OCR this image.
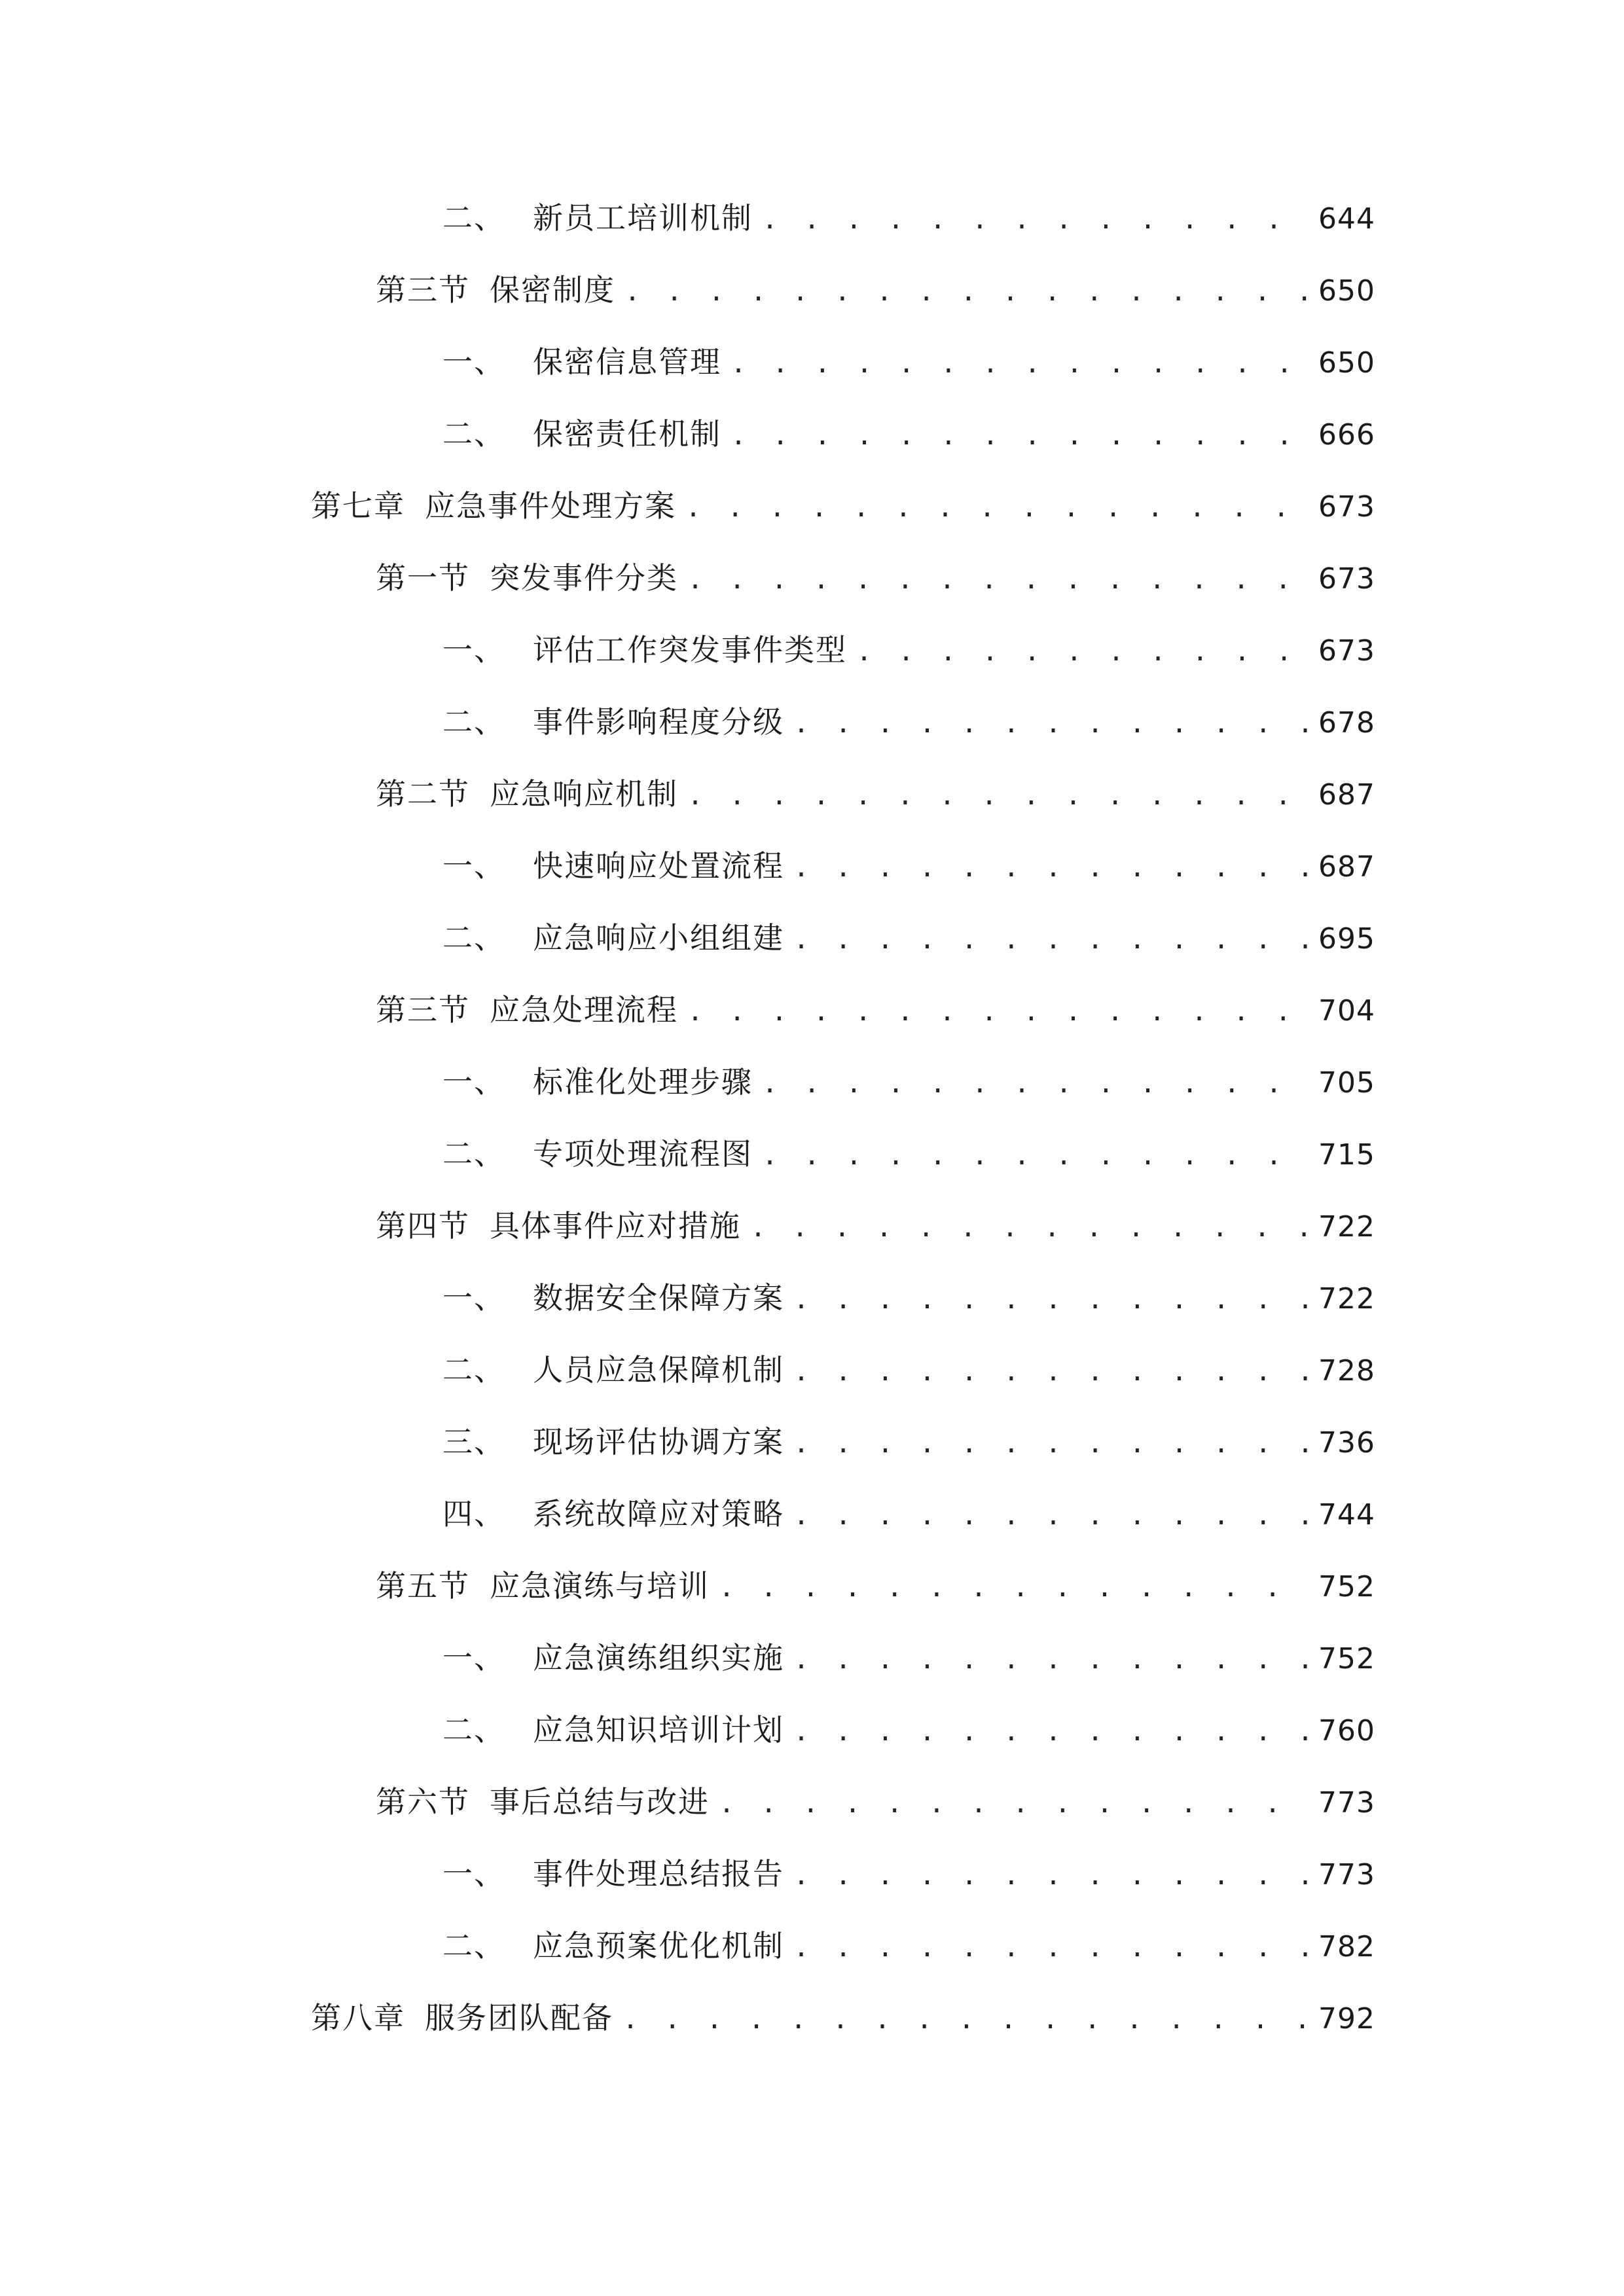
二、 新员工培训机制 . . .	644
第三节 保密制度 . . .	650
一、 保密信息管理 . . .	650
二、 保密责任机制 . . .	666
第七章 应急事件处理方案 . . .	673
第一节 突发事件分类 . . .	673
一、 评估工作突发事件类型 . . .	673
二、 事件影响程度分级 . . .	678
第二节 应急响应机制 . . .	687
一、 快速响应处置流程 . . .	687
二、 应急响应小组组建 . . .	695
第三节 应急处理流程 . . .	704
一、 标准化处理步骤 . . .	705
二、 专项处理流程图 . . .	715
第四节 具体事件应对措施 . . .	722
一、 数据安全保障方案 . . .	722
二、 人员应急保障机制 . . .	728
三、 现场评估协调方案 . . .	736
四、 系统故障应对策略 . . .	744
第五节 应急演练与培训 . . .	752
一、 应急演练组织实施 . . .	752
二、 应急知识培训计划 . . .	760
第六节 事后总结与改进 . . .	773
一、 事件处理总结报告 . . .	773
二、 应急预案优化机制 . . .	782
第八章 服务团队配备 . . .	792
